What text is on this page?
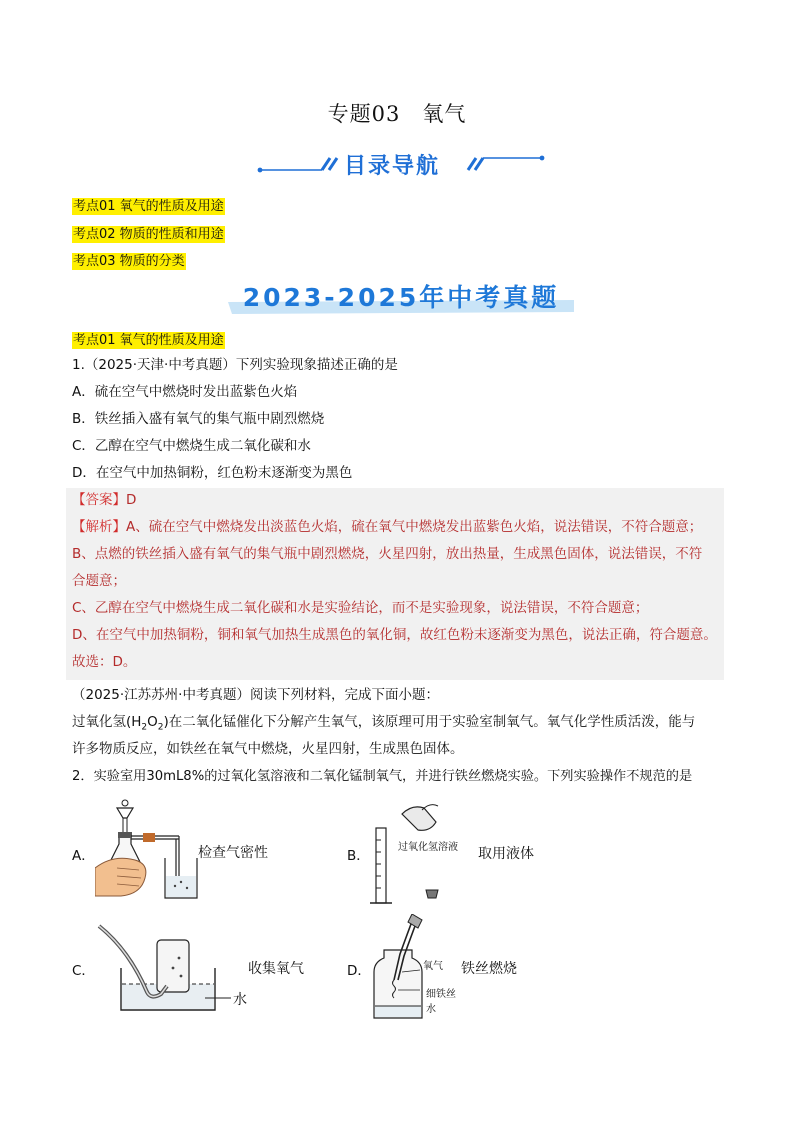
专题03　氧气
目录导航
考点01 氧气的性质及用途
考点02 物质的性质和用途
考点03 物质的分类
2023-2025年中考真题
考点01 氧气的性质及用途
1.（2025·天津·中考真题）下列实验现象描述正确的是
A．硫在空气中燃烧时发出蓝紫色火焰
B．铁丝插入盛有氧气的集气瓶中剧烈燃烧
C．乙醇在空气中燃烧生成二氧化碳和水
D．在空气中加热铜粉，红色粉末逐渐变为黑色
【答案】D
【解析】A、硫在空气中燃烧发出淡蓝色火焰，硫在氧气中燃烧发出蓝紫色火焰，说法错误，不符合题意；
B、点燃的铁丝插入盛有氧气的集气瓶中剧烈燃烧，火星四射，放出热量，生成黑色固体，说法错误，不符
合题意；
C、乙醇在空气中燃烧生成二氧化碳和水是实验结论，而不是实验现象，说法错误，不符合题意；
D、在空气中加热铜粉，铜和氧气加热生成黑色的氧化铜，故红色粉末逐渐变为黑色，说法正确，符合题意。
故选：D。
（2025·江苏苏州·中考真题）阅读下列材料，完成下面小题：
过氧化氢$(H_2O_2)$在二氧化锰催化下分解产生氧气，该原理可用于实验室制氧气。氧气化学性质活泼，能与
许多物质反应，如铁丝在氧气中燃烧，火星四射，生成黑色固体。
2．实验室用30mL8%的过氧化氢溶液和二氧化锰制氧气，并进行铁丝燃烧实验。下列实验操作不规范的是
A．	检查气密性	B．
过氧化氢溶液 取用液体
C．	收集氧气
水
D．	氧气
细铁丝
水
铁丝燃烧
